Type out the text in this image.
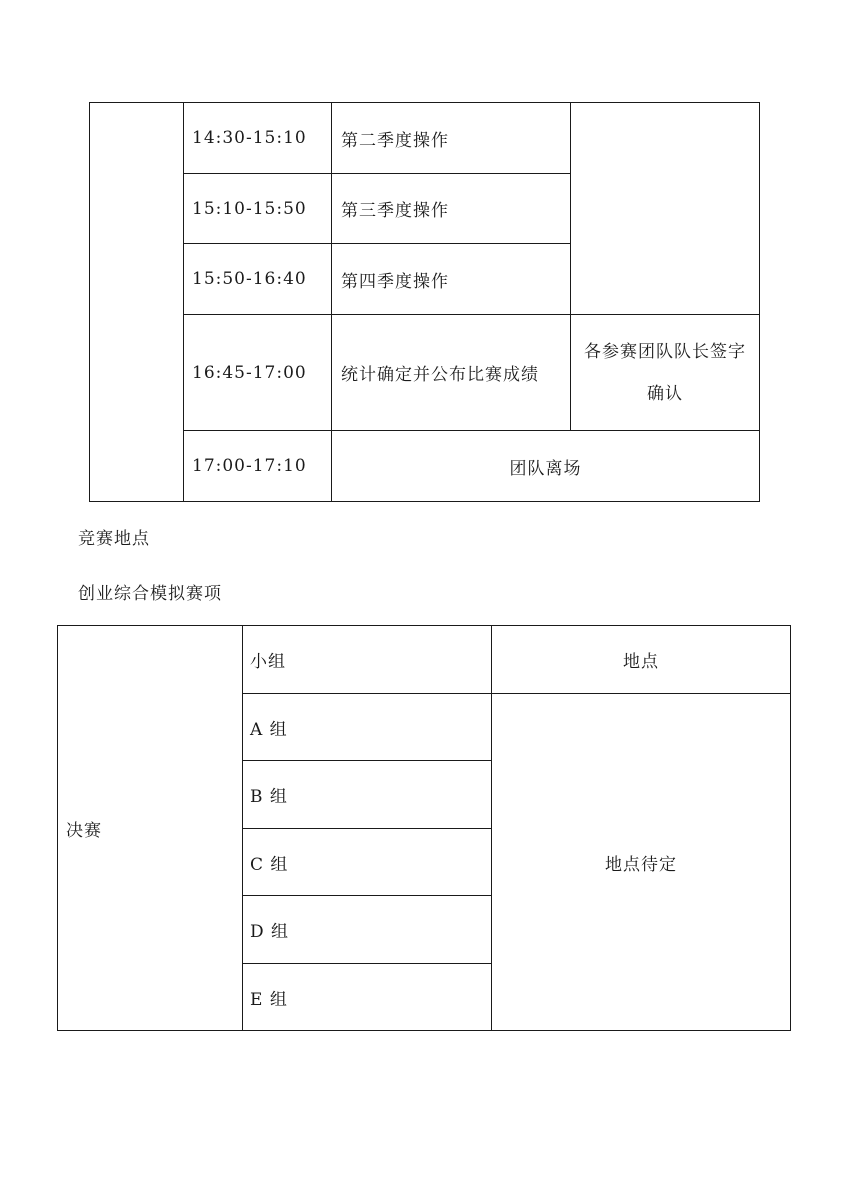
	14:30-15:10	第二季度操作	
	15:10-15:50	第三季度操作	
	15:50-16:40	第四季度操作	
	16:45-17:00	统计确定并公布比赛成绩	各参赛团队队长签字确认
	17:00-17:10	团队离场	
竞赛地点
创业综合模拟赛项
决赛	小组	地点
	A 组	地点待定
	B 组	
	C 组	
	D 组	
	E 组	
